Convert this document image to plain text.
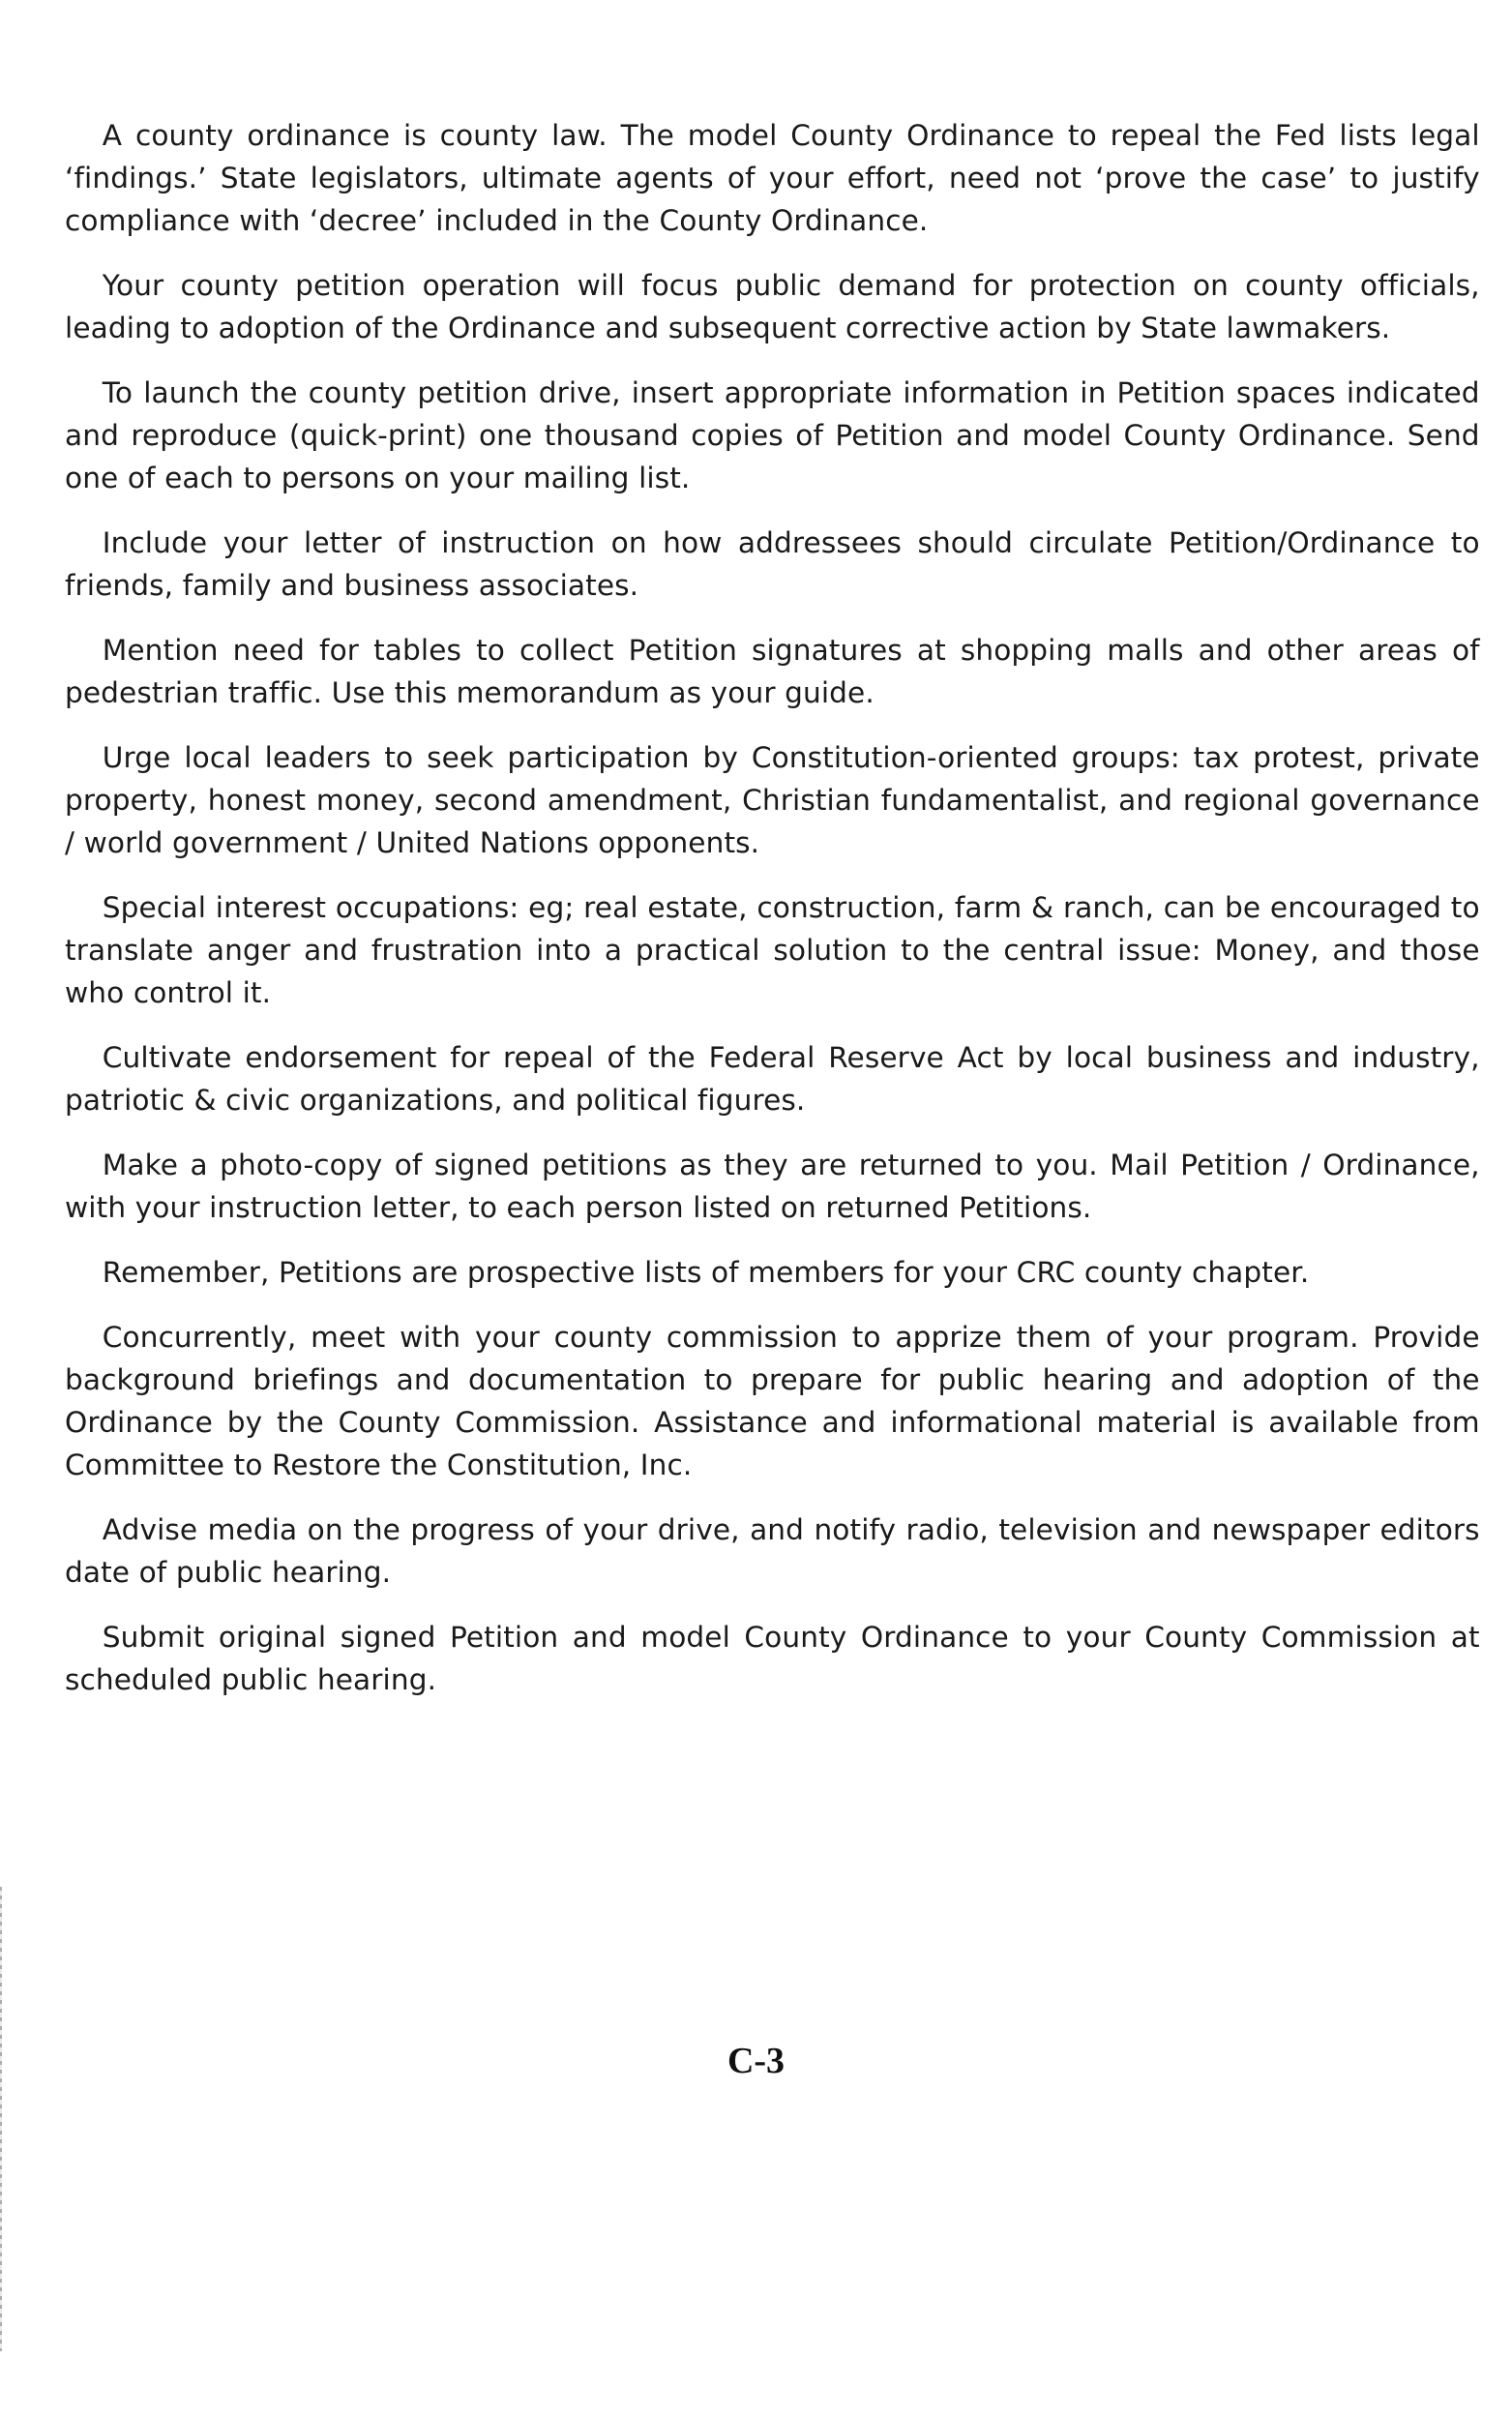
A county ordinance is county law. The model County Ordinance to repeal the Fed lists legal ‘findings.’ State legislators, ultimate agents of your effort, need not ‘prove the case’ to justify compliance with ‘decree’ included in the County Ordinance.

Your county petition operation will focus public demand for protection on county officials, leading to adoption of the Ordinance and subsequent corrective action by State lawmakers.

To launch the county petition drive, insert appropriate information in Petition spaces indicated and reproduce (quick-print) one thousand copies of Petition and model County Ordinance. Send one of each to persons on your mailing list.

Include your letter of instruction on how addressees should circulate Petition/Ordinance to friends, family and business associates.

Mention need for tables to collect Petition signatures at shopping malls and other areas of pedestrian traffic. Use this memorandum as your guide.

Urge local leaders to seek participation by Constitution-oriented groups: tax protest, private property, honest money, second amendment, Christian fundamentalist, and regional governance / world government / United Nations opponents.

Special interest occupations: eg; real estate, construction, farm & ranch, can be encouraged to translate anger and frustration into a practical solution to the central issue: Money, and those who control it.

Cultivate endorsement for repeal of the Federal Reserve Act by local business and industry, patriotic & civic organizations, and political figures.

Make a photo-copy of signed petitions as they are returned to you. Mail Petition / Ordinance, with your instruction letter, to each person listed on returned Petitions.

Remember, Petitions are prospective lists of members for your CRC county chapter.

Concurrently, meet with your county commission to apprize them of your program. Provide background briefings and documentation to prepare for public hearing and adoption of the Ordinance by the County Commission. Assistance and informational material is available from Committee to Restore the Constitution, Inc.

Advise media on the progress of your drive, and notify radio, television and newspaper editors date of public hearing.

Submit original signed Petition and model County Ordinance to your County Commission at scheduled public hearing.

C-3
